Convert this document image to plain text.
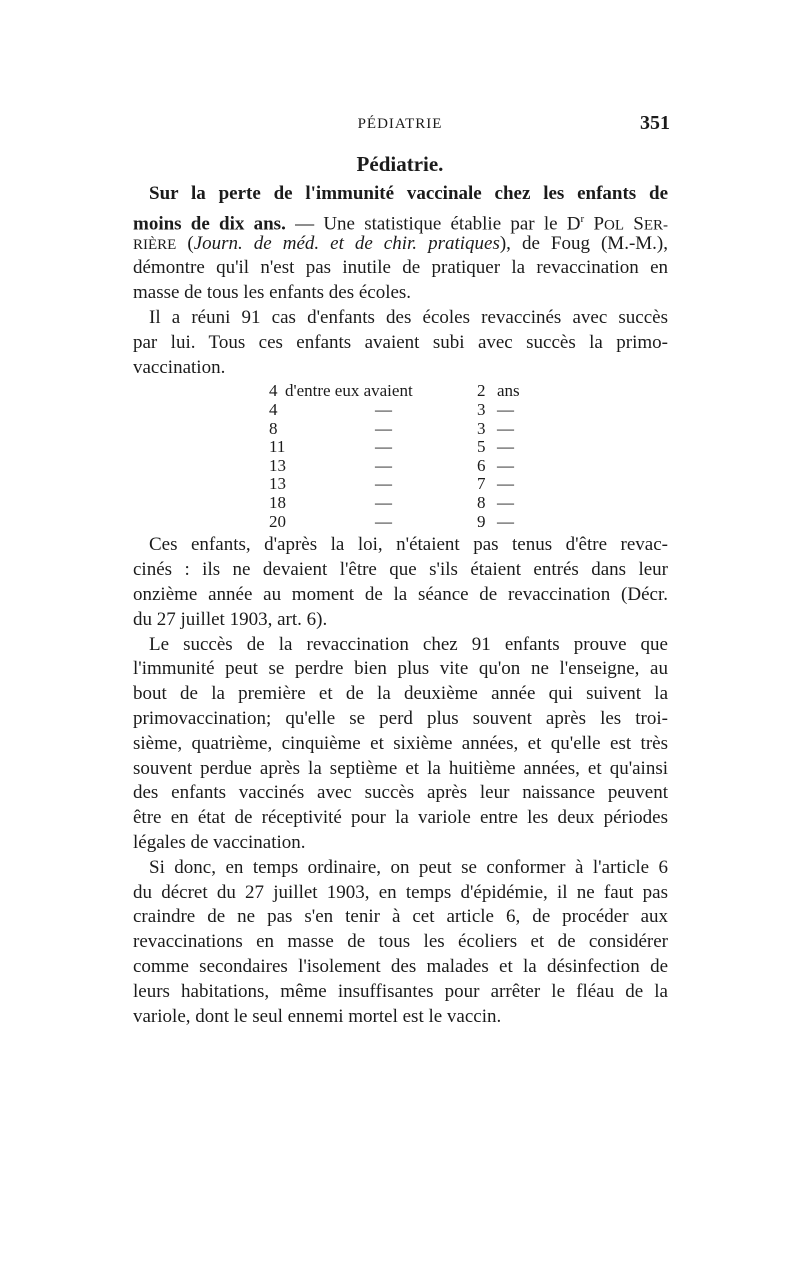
PÉDIATRIE	351
Pédiatrie.
Sur la perte de l'immunité vaccinale chez les enfants de
moins de dix ans. — Une statistique établie par le $D^r$ POL SER-
RIÈRE (Journ. de méd. et de chir. pratiques), de Foug (M.-M.),
démontre qu'il n'est pas inutile de pratiquer la revaccination en
masse de tous les enfants des écoles.
Il a réuni 91 cas d'enfants des écoles revaccinés avec succès
par lui. Tous ces enfants avaient subi avec succès la primo-
vaccination.
4 d'entre eux avaient	2 ans
4	—	3 —
8	—	3 —
11	—	5 —
13	—	6 —
13	—	7 —
18	—	8 —
20	—	9 —
Ces enfants, d'après la loi, n'étaient pas tenus d'être revac-
cinés : ils ne devaient l'être que s'ils étaient entrés dans leur
onzième année au moment de la séance de revaccination (Décr.
du 27 juillet 1903, art. 6).
Le succès de la revaccination chez 91 enfants prouve que
l'immunité peut se perdre bien plus vite qu'on ne l'enseigne, au
bout de la première et de la deuxième année qui suivent la
primovaccination; qu'elle se perd plus souvent après les troi-
sième, quatrième, cinquième et sixième années, et qu'elle est très
souvent perdue après la septième et la huitième années, et qu'ainsi
des enfants vaccinés avec succès après leur naissance peuvent
être en état de réceptivité pour la variole entre les deux périodes
légales de vaccination.
Si donc, en temps ordinaire, on peut se conformer à l'article 6
du décret du 27 juillet 1903, en temps d'épidémie, il ne faut pas
craindre de ne pas s'en tenir à cet article 6, de procéder aux
revaccinations en masse de tous les écoliers et de considérer
comme secondaires l'isolement des malades et la désinfection de
leurs habitations, même insuffisantes pour arrêter le fléau de la
variole, dont le seul ennemi mortel est le vaccin.
